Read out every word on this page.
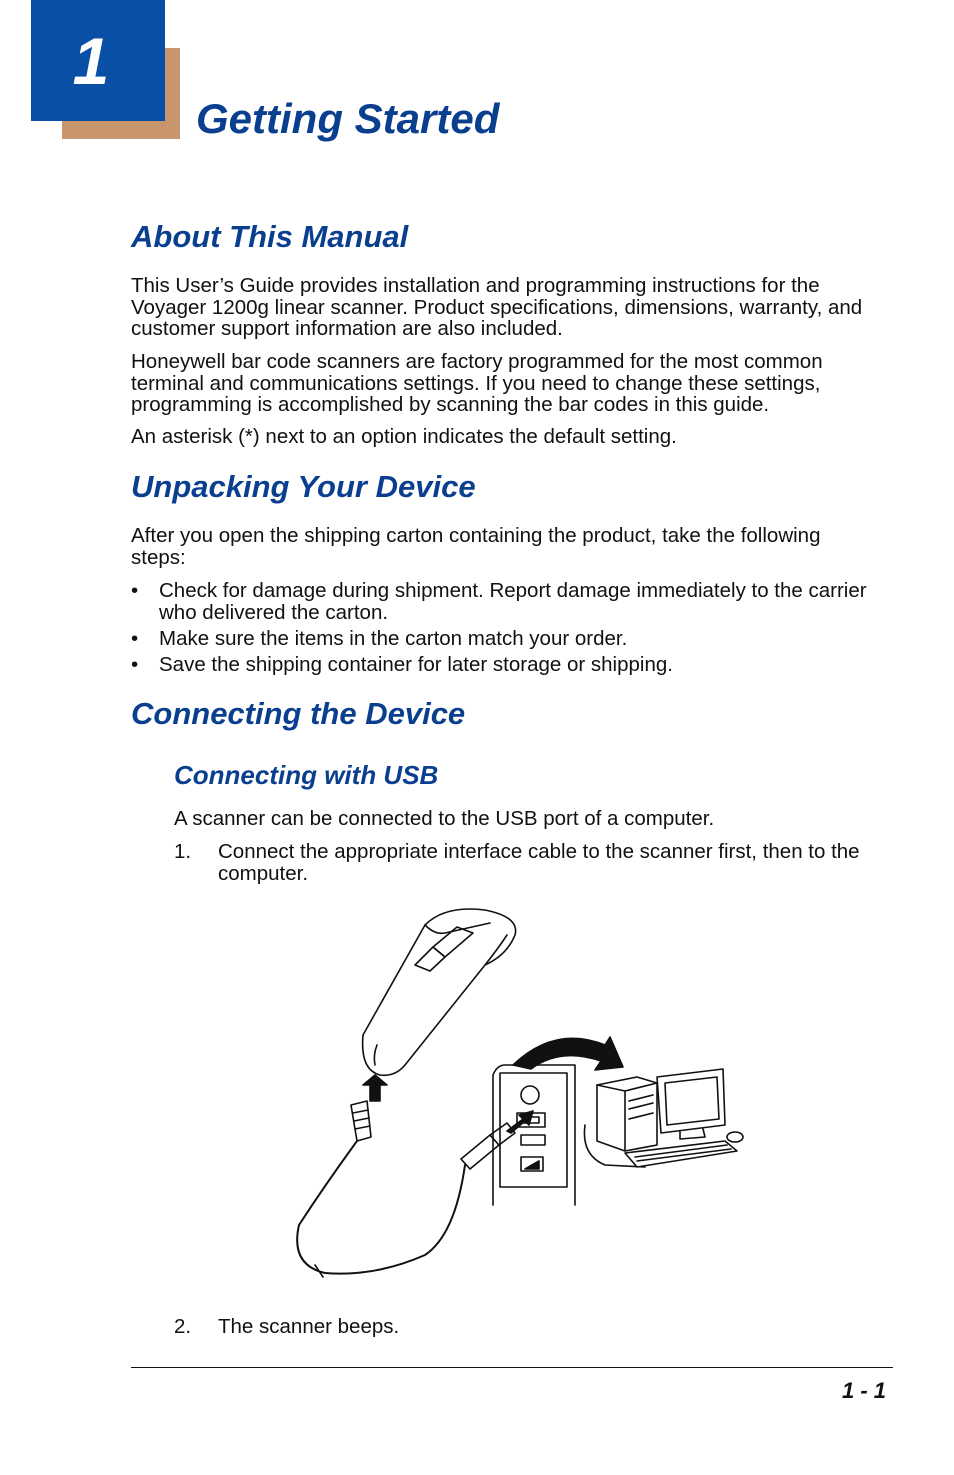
1
Getting Started
About This Manual

This User’s Guide provides installation and programming instructions for the Voyager 1200g linear scanner. Product specifications, dimensions, warranty, and customer support information are also included.

Honeywell bar code scanners are factory programmed for the most common terminal and communications settings. If you need to change these settings, programming is accomplished by scanning the bar codes in this guide.

An asterisk (*) next to an option indicates the default setting.

Unpacking Your Device

After you open the shipping carton containing the product, take the following steps:

• Check for damage during shipment. Report damage immediately to the carrier who delivered the carton.
• Make sure the items in the carton match your order.
• Save the shipping container for later storage or shipping.
Connecting the Device
Connecting with USB

A scanner can be connected to the USB port of a computer.

1. Connect the appropriate interface cable to the scanner first, then to the computer.
2. The scanner beeps.
1 - 1
